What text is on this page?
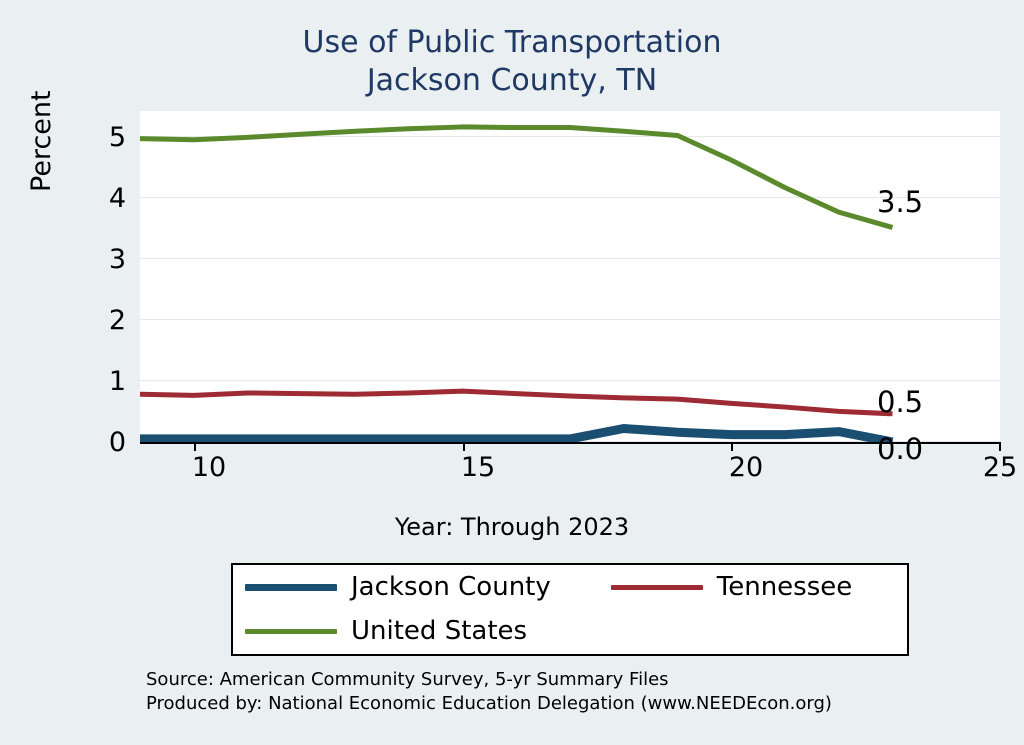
Use of Public Transportation
Jackson County, TN
Percent
0
1
2
3
4
5
10	15	20	25
Year: Through 2023
3.5
0.5
0.0
Jackson County	Tennessee
United States
Source: American Community Survey, 5-yr Summary Files
Produced by: National Economic Education Delegation (www.NEEDEcon.org)
